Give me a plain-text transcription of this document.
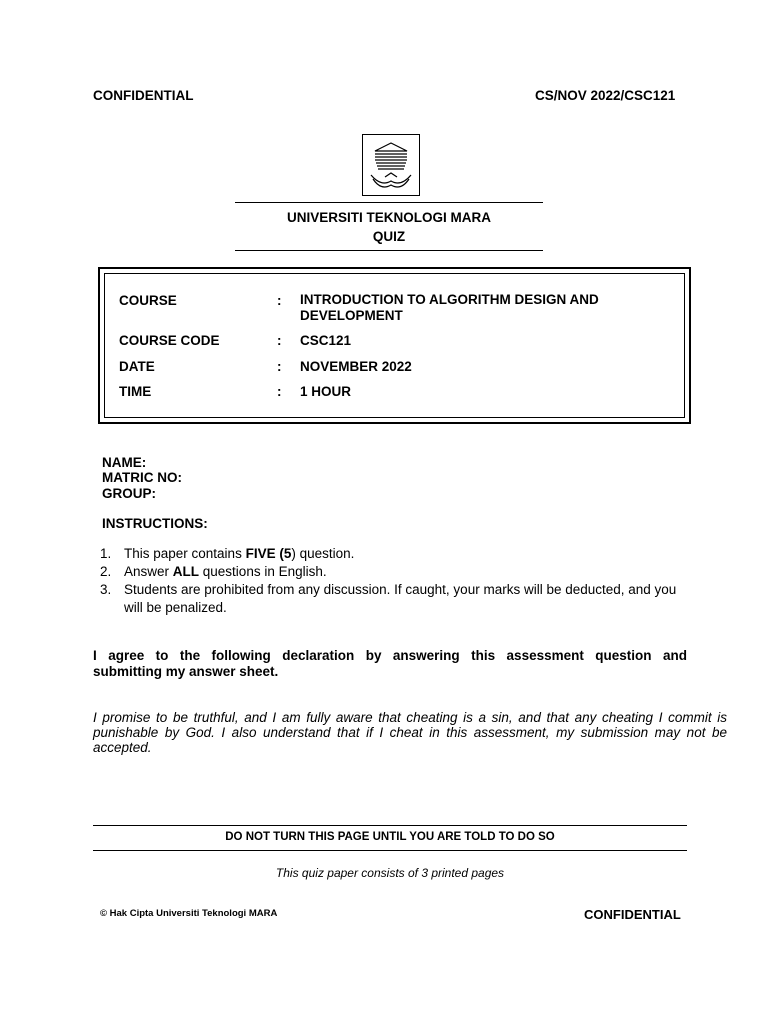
CONFIDENTIAL	CS/NOV 2022/CSC121
UNIVERSITI TEKNOLOGI MARA
QUIZ
COURSE	: INTRODUCTION TO ALGORITHM DESIGN AND DEVELOPMENT
COURSE CODE	: CSC121
DATE	: NOVEMBER 2022
TIME	: 1 HOUR
NAME:
MATRIC NO:
GROUP:
INSTRUCTIONS:
1. This paper contains FIVE (5) question.
2. Answer ALL questions in English.
3. Students are prohibited from any discussion. If caught, your marks will be deducted, and you will be penalized.
I agree to the following declaration by answering this assessment question and
submitting my answer sheet.
I promise to be truthful, and I am fully aware that cheating is a sin, and that any cheating I commit is
punishable by God. I also understand that if I cheat in this assessment, my submission may not be
accepted.
DO NOT TURN THIS PAGE UNTIL YOU ARE TOLD TO DO SO
This quiz paper consists of 3 printed pages
© Hak Cipta Universiti Teknologi MARA	CONFIDENTIAL
